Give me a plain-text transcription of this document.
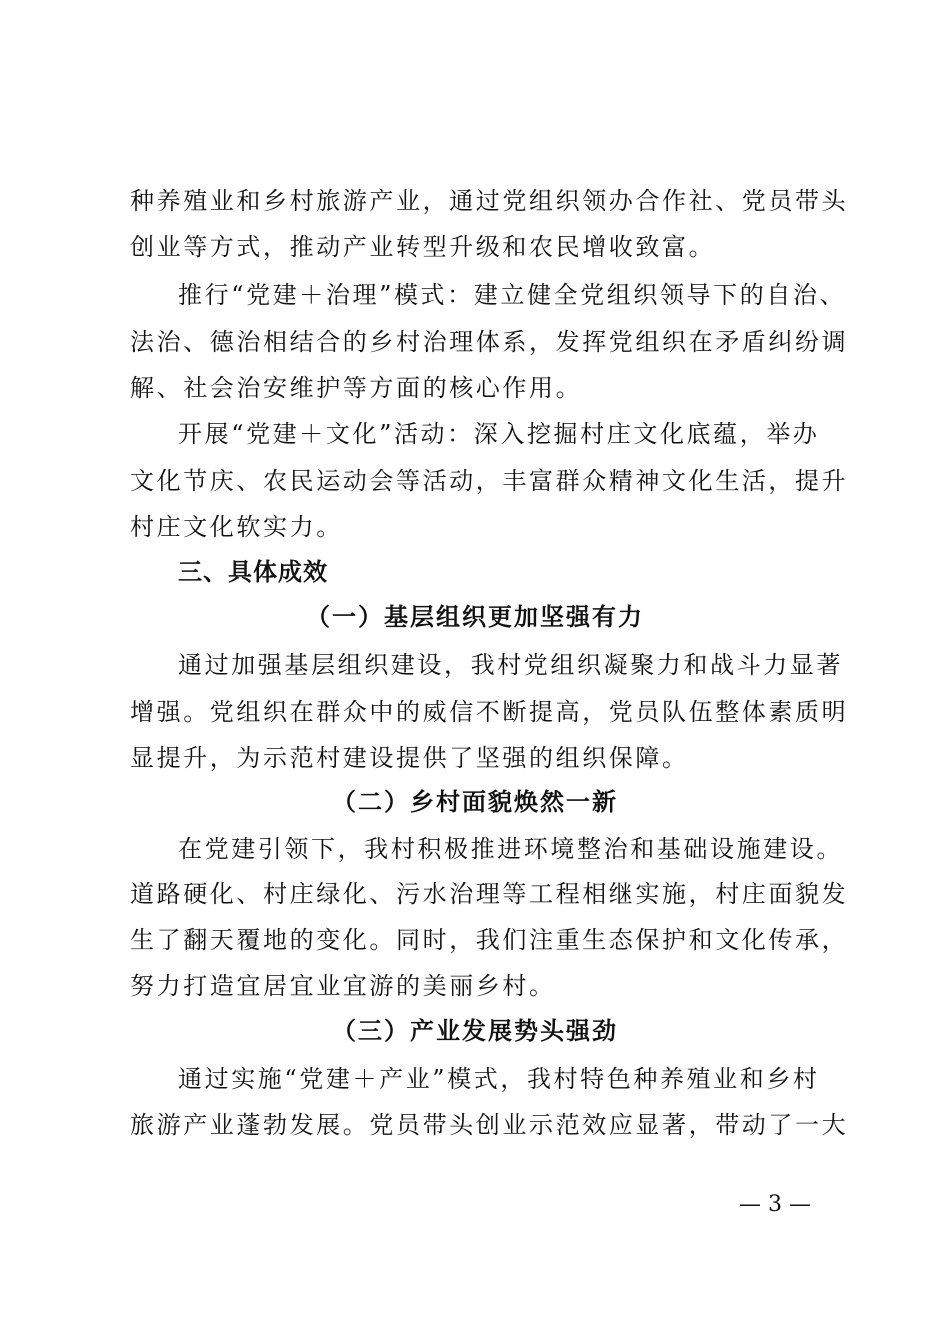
种养殖业和乡村旅游产业，通过党组织领办合作社、党员带头
创业等方式，推动产业转型升级和农民增收致富。
推行“党建＋治理”模式：建立健全党组织领导下的自治、
法治、德治相结合的乡村治理体系，发挥党组织在矛盾纠纷调
解、社会治安维护等方面的核心作用。
开展“党建＋文化”活动：深入挖掘村庄文化底蕴，举办
文化节庆、农民运动会等活动，丰富群众精神文化生活，提升
村庄文化软实力。
三、具体成效
（一）基层组织更加坚强有力
通过加强基层组织建设，我村党组织凝聚力和战斗力显著
增强。党组织在群众中的威信不断提高，党员队伍整体素质明
显提升，为示范村建设提供了坚强的组织保障。
（二）乡村面貌焕然一新
在党建引领下，我村积极推进环境整治和基础设施建设。
道路硬化、村庄绿化、污水治理等工程相继实施，村庄面貌发
生了翻天覆地的变化。同时，我们注重生态保护和文化传承，
努力打造宜居宜业宜游的美丽乡村。
（三）产业发展势头强劲
通过实施“党建＋产业”模式，我村特色种养殖业和乡村
旅游产业蓬勃发展。党员带头创业示范效应显著，带动了一大
— 3 —
